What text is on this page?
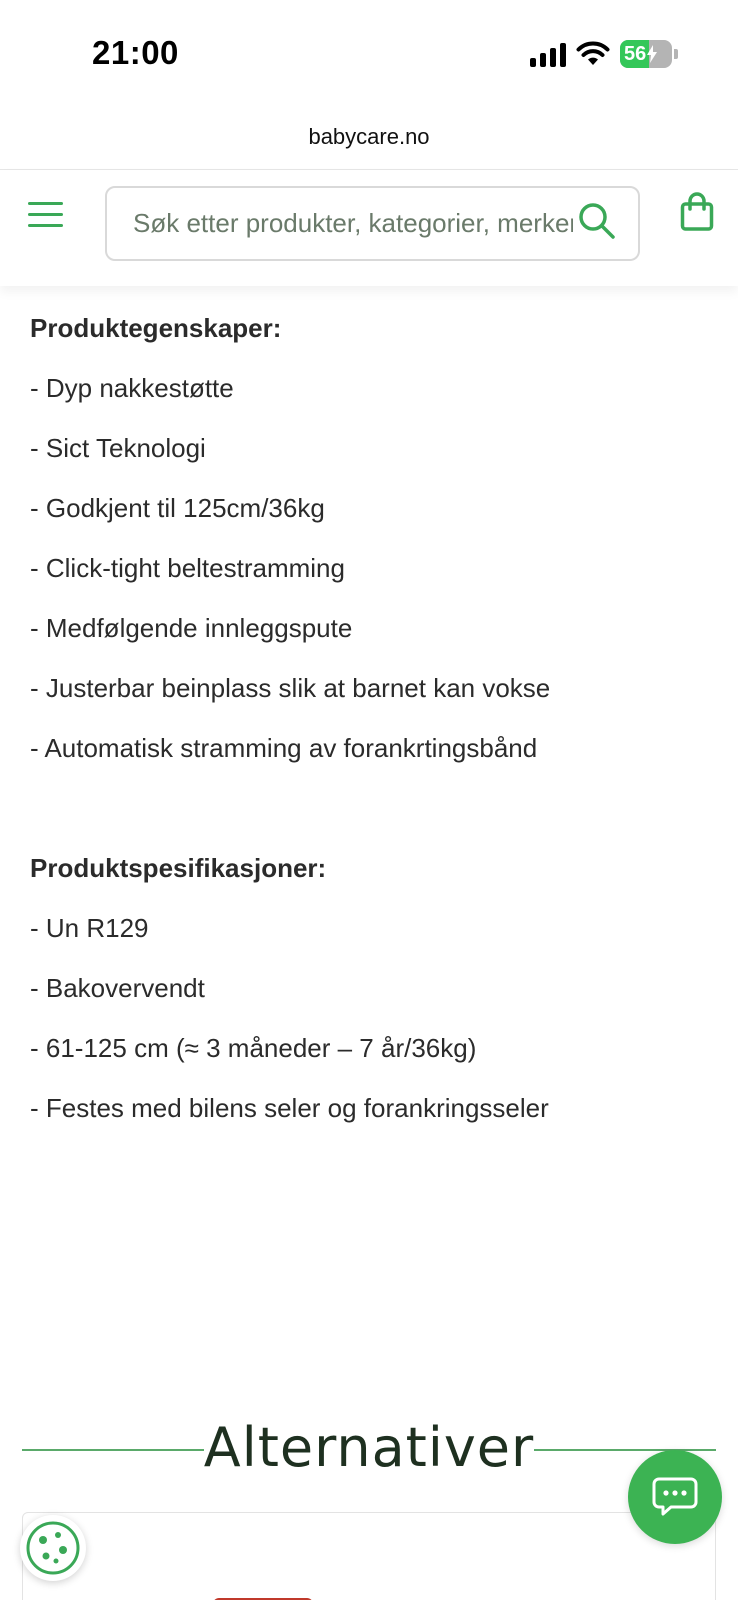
21:00	56
babycare.no
Søk etter produkter, kategorier, merker
Produktegenskaper:
- Dyp nakkestøtte
- Sict Teknologi
- Godkjent til 125cm/36kg
- Click-tight beltestramming
- Medfølgende innleggspute
- Justerbar beinplass slik at barnet kan vokse
- Automatisk stramming av forankrtingsbånd
Produktspesifikasjoner:
- Un R129
- Bakovervendt
- 61-125 cm (≈ 3 måneder – 7 år/36kg)
- Festes med bilens seler og forankringsseler
Alternativer
